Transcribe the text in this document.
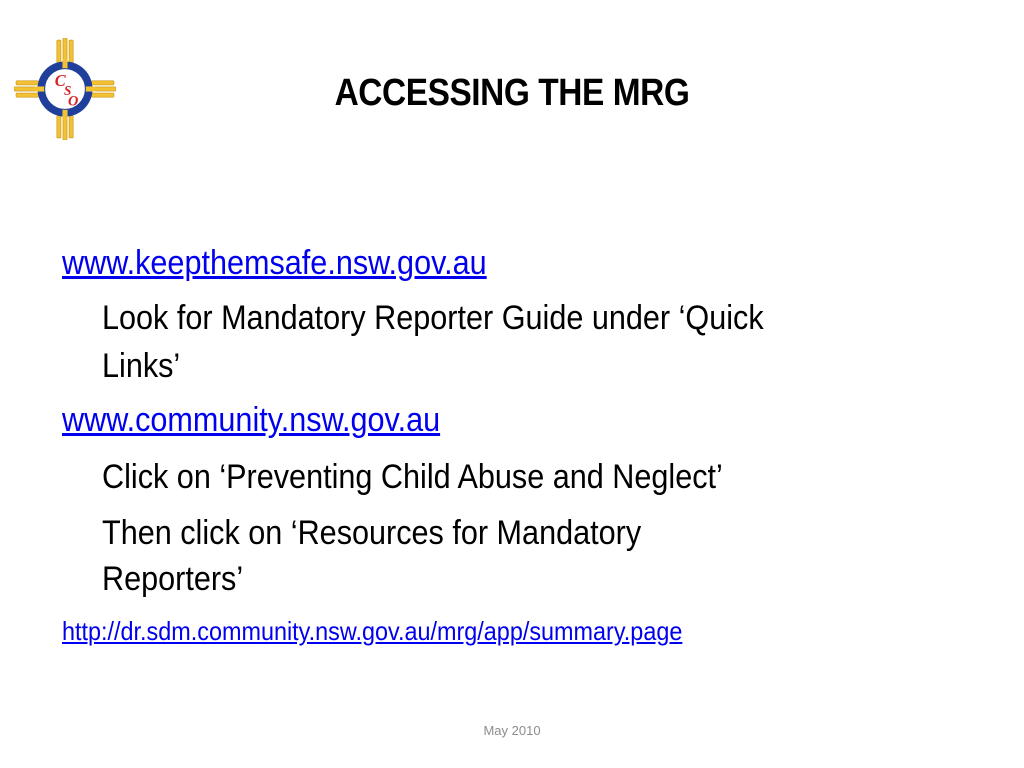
C
S
O	ACCESSING THE MRG
www.keepthemsafe.nsw.gov.au
Look for Mandatory Reporter Guide under ‘Quick
Links’
www.community.nsw.gov.au
Click on ‘Preventing Child Abuse and Neglect’
Then click on ‘Resources for Mandatory
Reporters’
http://dr.sdm.community.nsw.gov.au/mrg/app/summary.page
May 2010
